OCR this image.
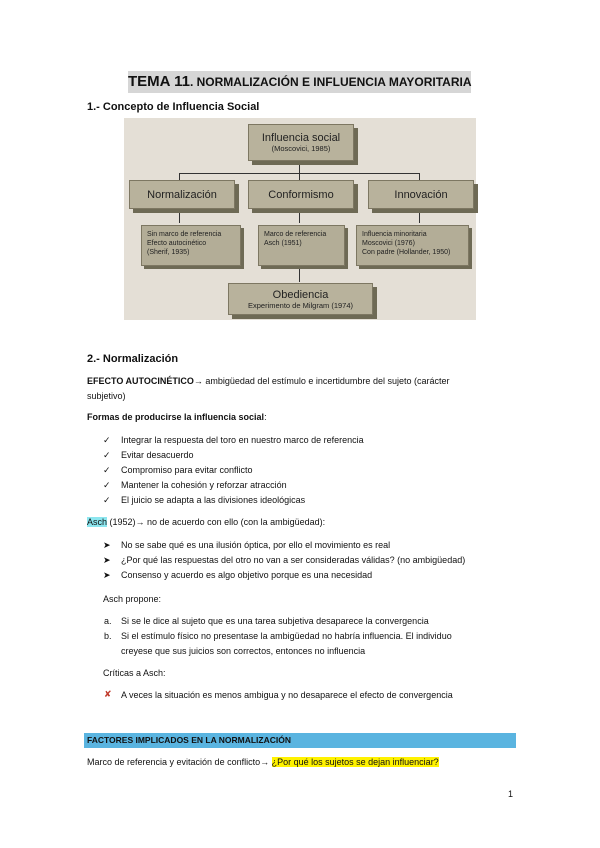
TEMA 11. NORMALIZACIÓN E INFLUENCIA MAYORITARIA
1.- Concepto de Influencia Social
Influencia social
(Moscovici, 1985)
Normalización	Conformismo	Innovación
Sin marco de referencia
Efecto autocinético
(Sherif, 1935)
Marco de referencia
Asch (1951)
Influencia minoritaria
Moscovici (1976)
Con padre (Hollander, 1950)
Obediencia
Experimento de Milgram (1974)
2.- Normalización
EFECTO AUTOCINÉTICO→ ambigüedad del estímulo e incertidumbre del sujeto (carácter
subjetivo)
Formas de producirse la influencia social:
✓ Integrar la respuesta del toro en nuestro marco de referencia
✓ Evitar desacuerdo
✓ Compromiso para evitar conflicto
✓ Mantener la cohesión y reforzar atracción
✓ El juicio se adapta a las divisiones ideológicas
Asch (1952)→ no de acuerdo con ello (con la ambigüedad):
➤ No se sabe qué es una ilusión óptica, por ello el movimiento es real
➤ ¿Por qué las respuestas del otro no van a ser consideradas válidas? (no ambigüedad)
➤ Consenso y acuerdo es algo objetivo porque es una necesidad
Asch propone:
a. Si se le dice al sujeto que es una tarea subjetiva desaparece la convergencia
b. Si el estímulo físico no presentase la ambigüedad no habría influencia. El individuo
creyese que sus juicios son correctos, entonces no influencia
Críticas a Asch:
✘ A veces la situación es menos ambigua y no desaparece el efecto de convergencia
FACTORES IMPLICADOS EN LA NORMALIZACIÓN
Marco de referencia y evitación de conflicto→ ¿Por qué los sujetos se dejan influenciar?
1
